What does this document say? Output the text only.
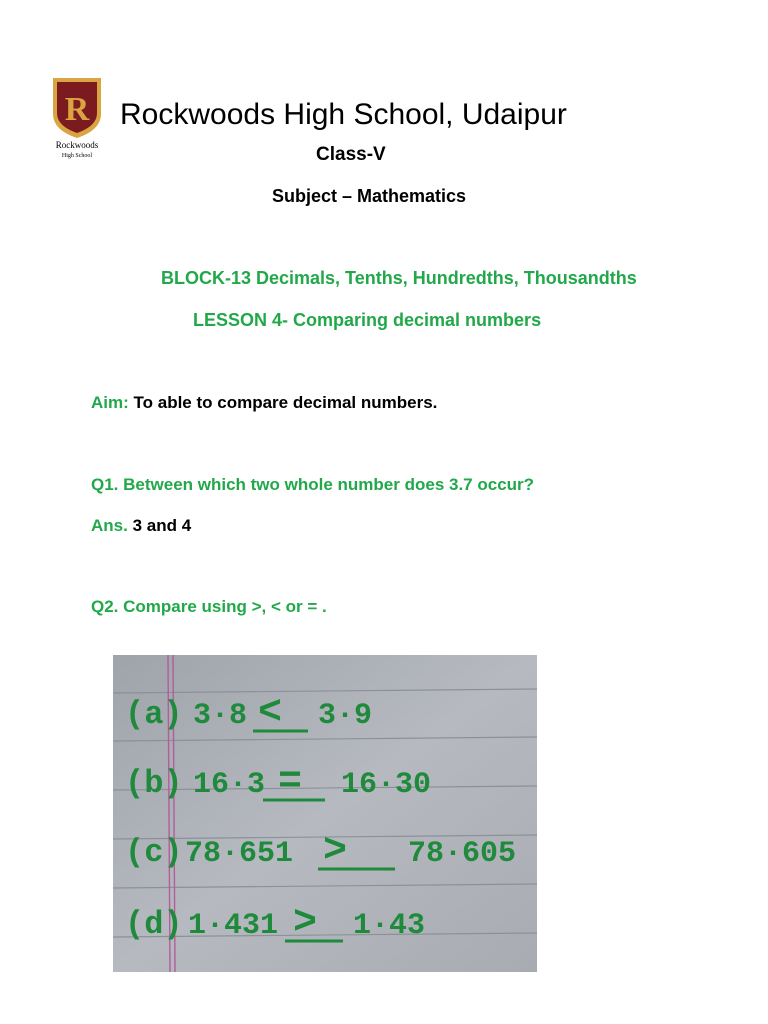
R
Rockwoods
High School
Rockwoods High School, Udaipur
Class-V
Subject – Mathematics
BLOCK-13 Decimals, Tenths, Hundredths, Thousandths
LESSON 4- Comparing decimal numbers
Aim: To able to compare decimal numbers.
Q1. Between which two whole number does 3.7 occur?
Ans. 3 and 4
Q2. Compare using >, < or = .
(a) 3·8 < 3·9
(b) 16·3 = 16·30
(c) 78·651 > 78·605
(d) 1·431 > 1·43
